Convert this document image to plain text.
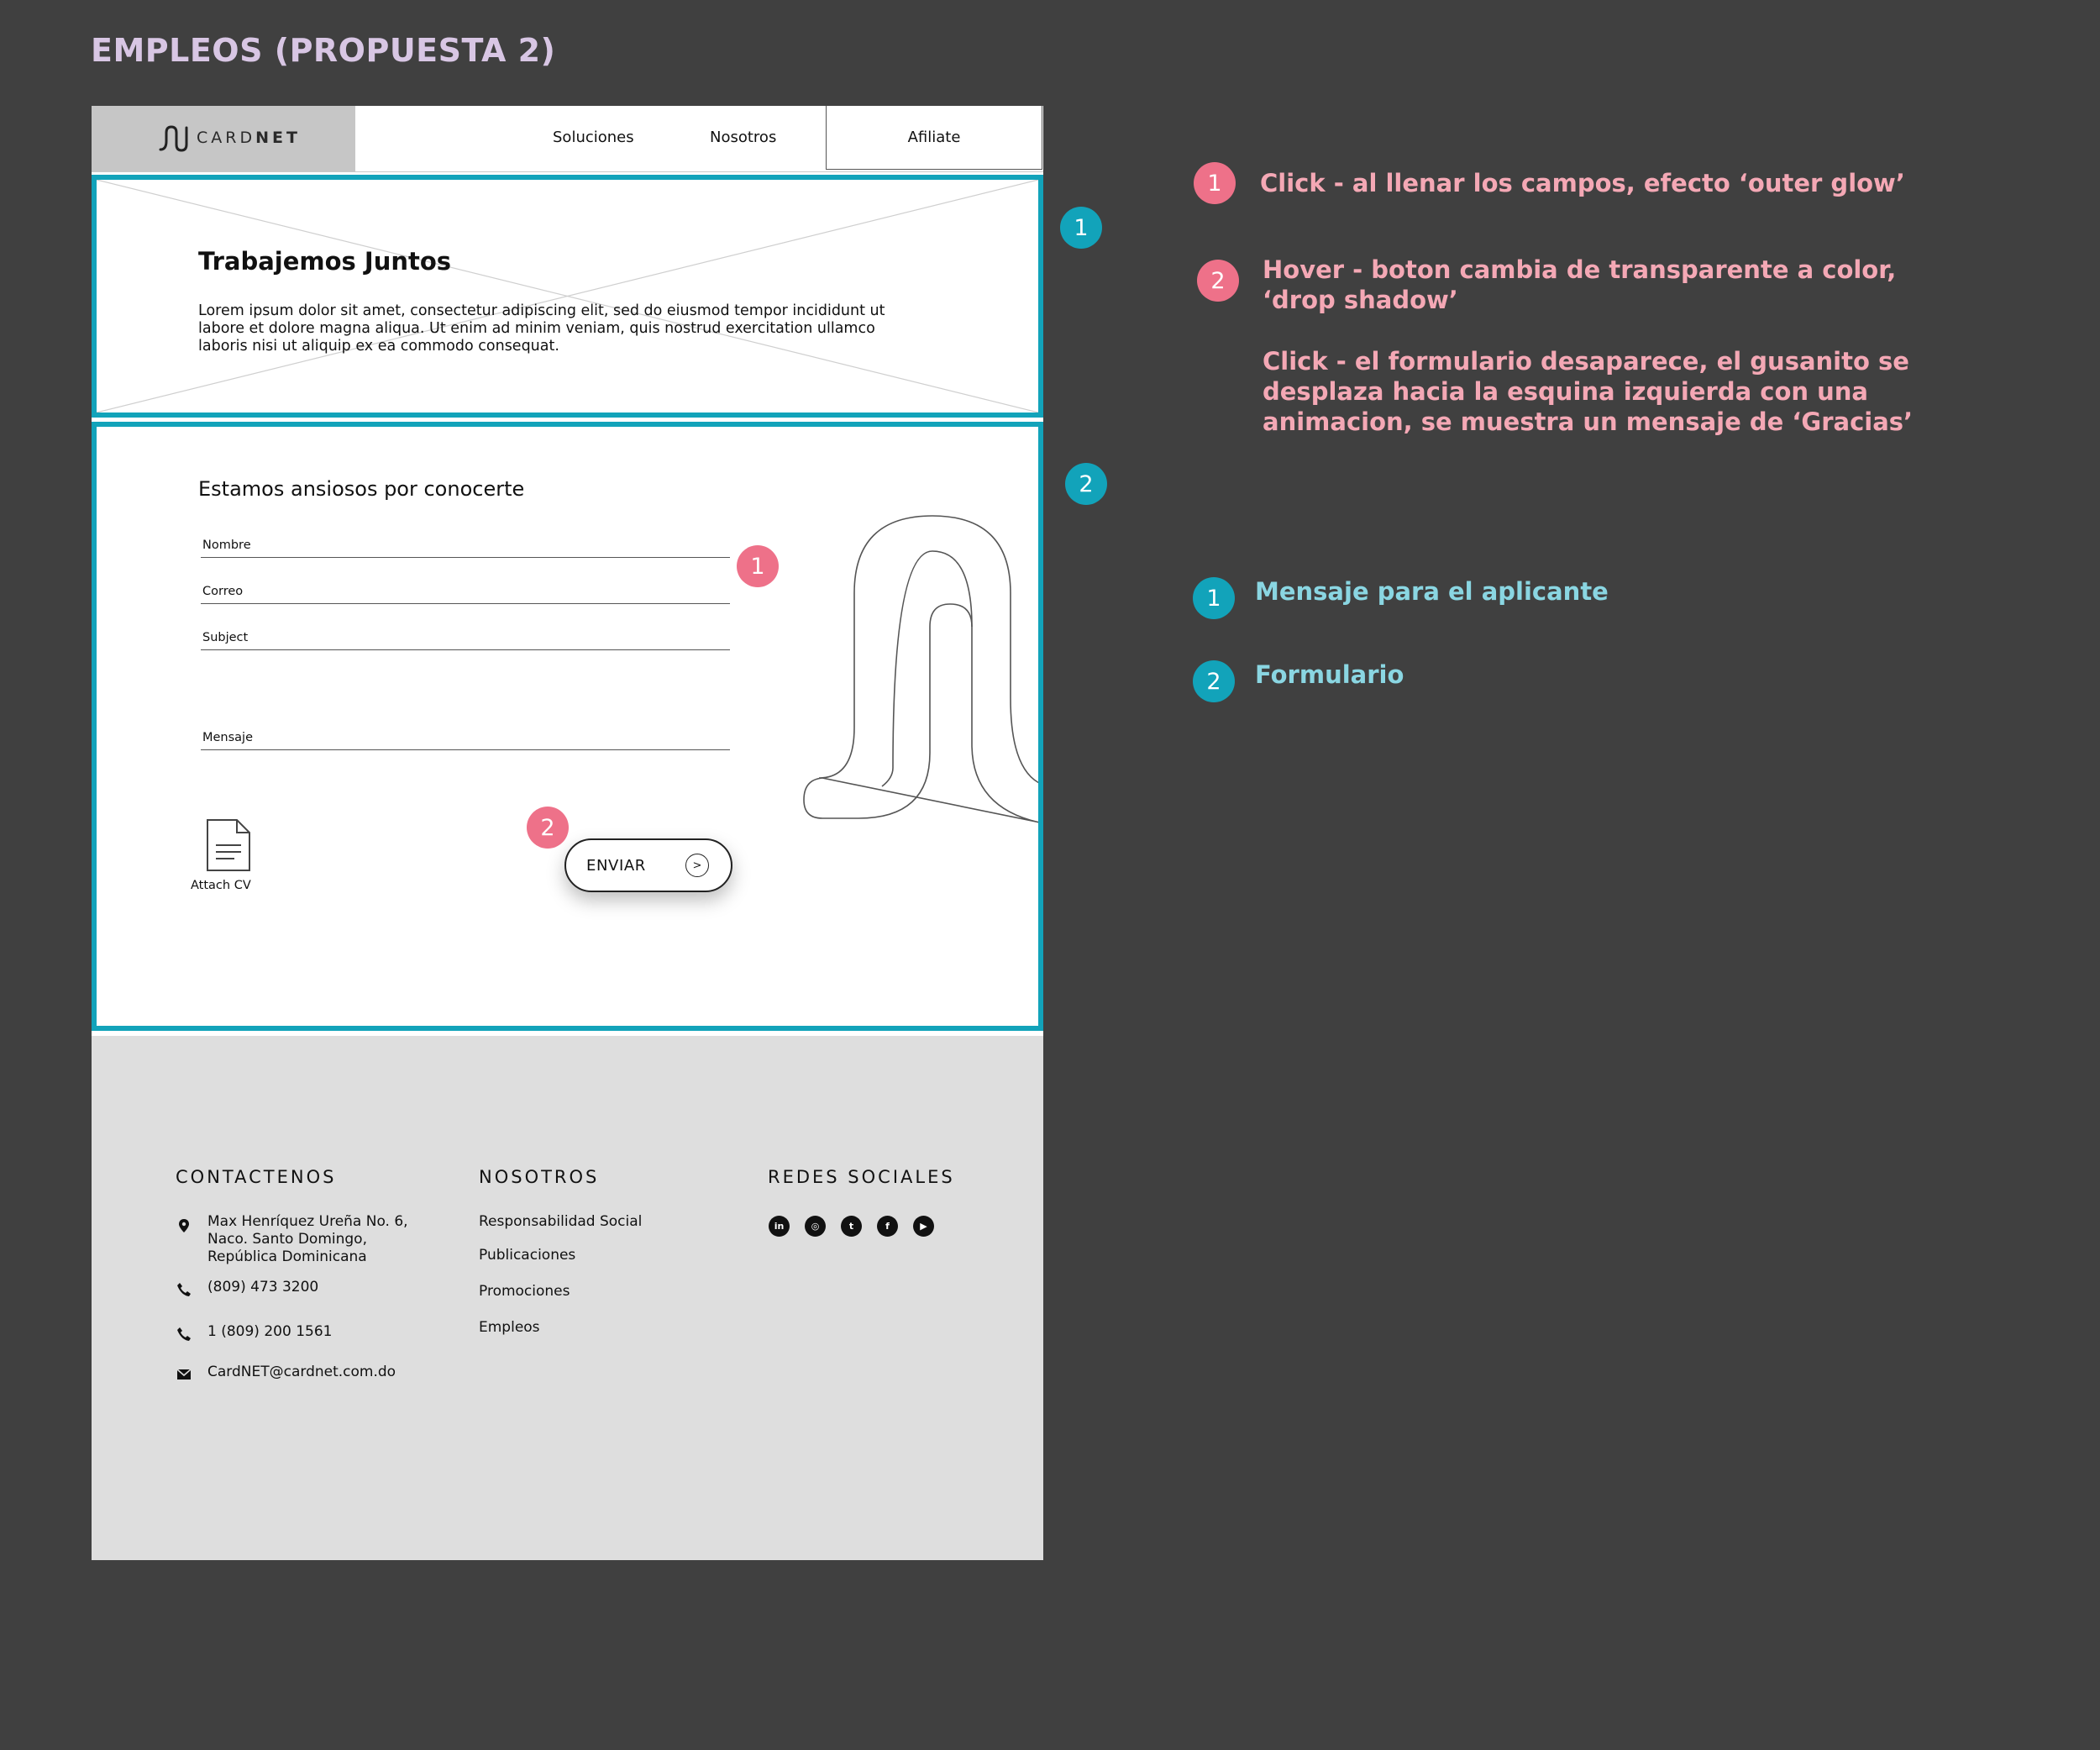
EMPLEOS (PROPUESTA 2)
CARDNET	Soluciones	Nosotros	Afiliate
Trabajemos Juntos
Lorem ipsum dolor sit amet, consectetur adipiscing elit, sed do eiusmod tempor incididunt ut labore et dolore magna aliqua. Ut enim ad minim veniam, quis nostrud exercitation ullamco laboris nisi ut aliquip ex ea commodo consequat.
Estamos ansiosos por conocerte
Nombre
Correo
Subject
Mensaje
1
Attach CV
2
ENVIAR	>
CONTACTENOS	NOSOTROS	REDES SOCIALES
Max Henríquez Ureña No. 6,
Naco. Santo Domingo,
República Dominicana
(809) 473 3200
1 (809) 200 1561
CardNET@cardnet.com.do
Responsabilidad Social
Publicaciones
Promociones
Empleos
in	◎	t	f	▶
1
2
1	Click - al llenar los campos, efecto ‘outer glow’
2	Hover - boton cambia de transparente a color,
‘drop shadow’
Click - el formulario desaparece, el gusanito se
desplaza hacia la esquina izquierda con una
animacion, se muestra un mensaje de ‘Gracias’
1	Mensaje para el aplicante
2	Formulario
